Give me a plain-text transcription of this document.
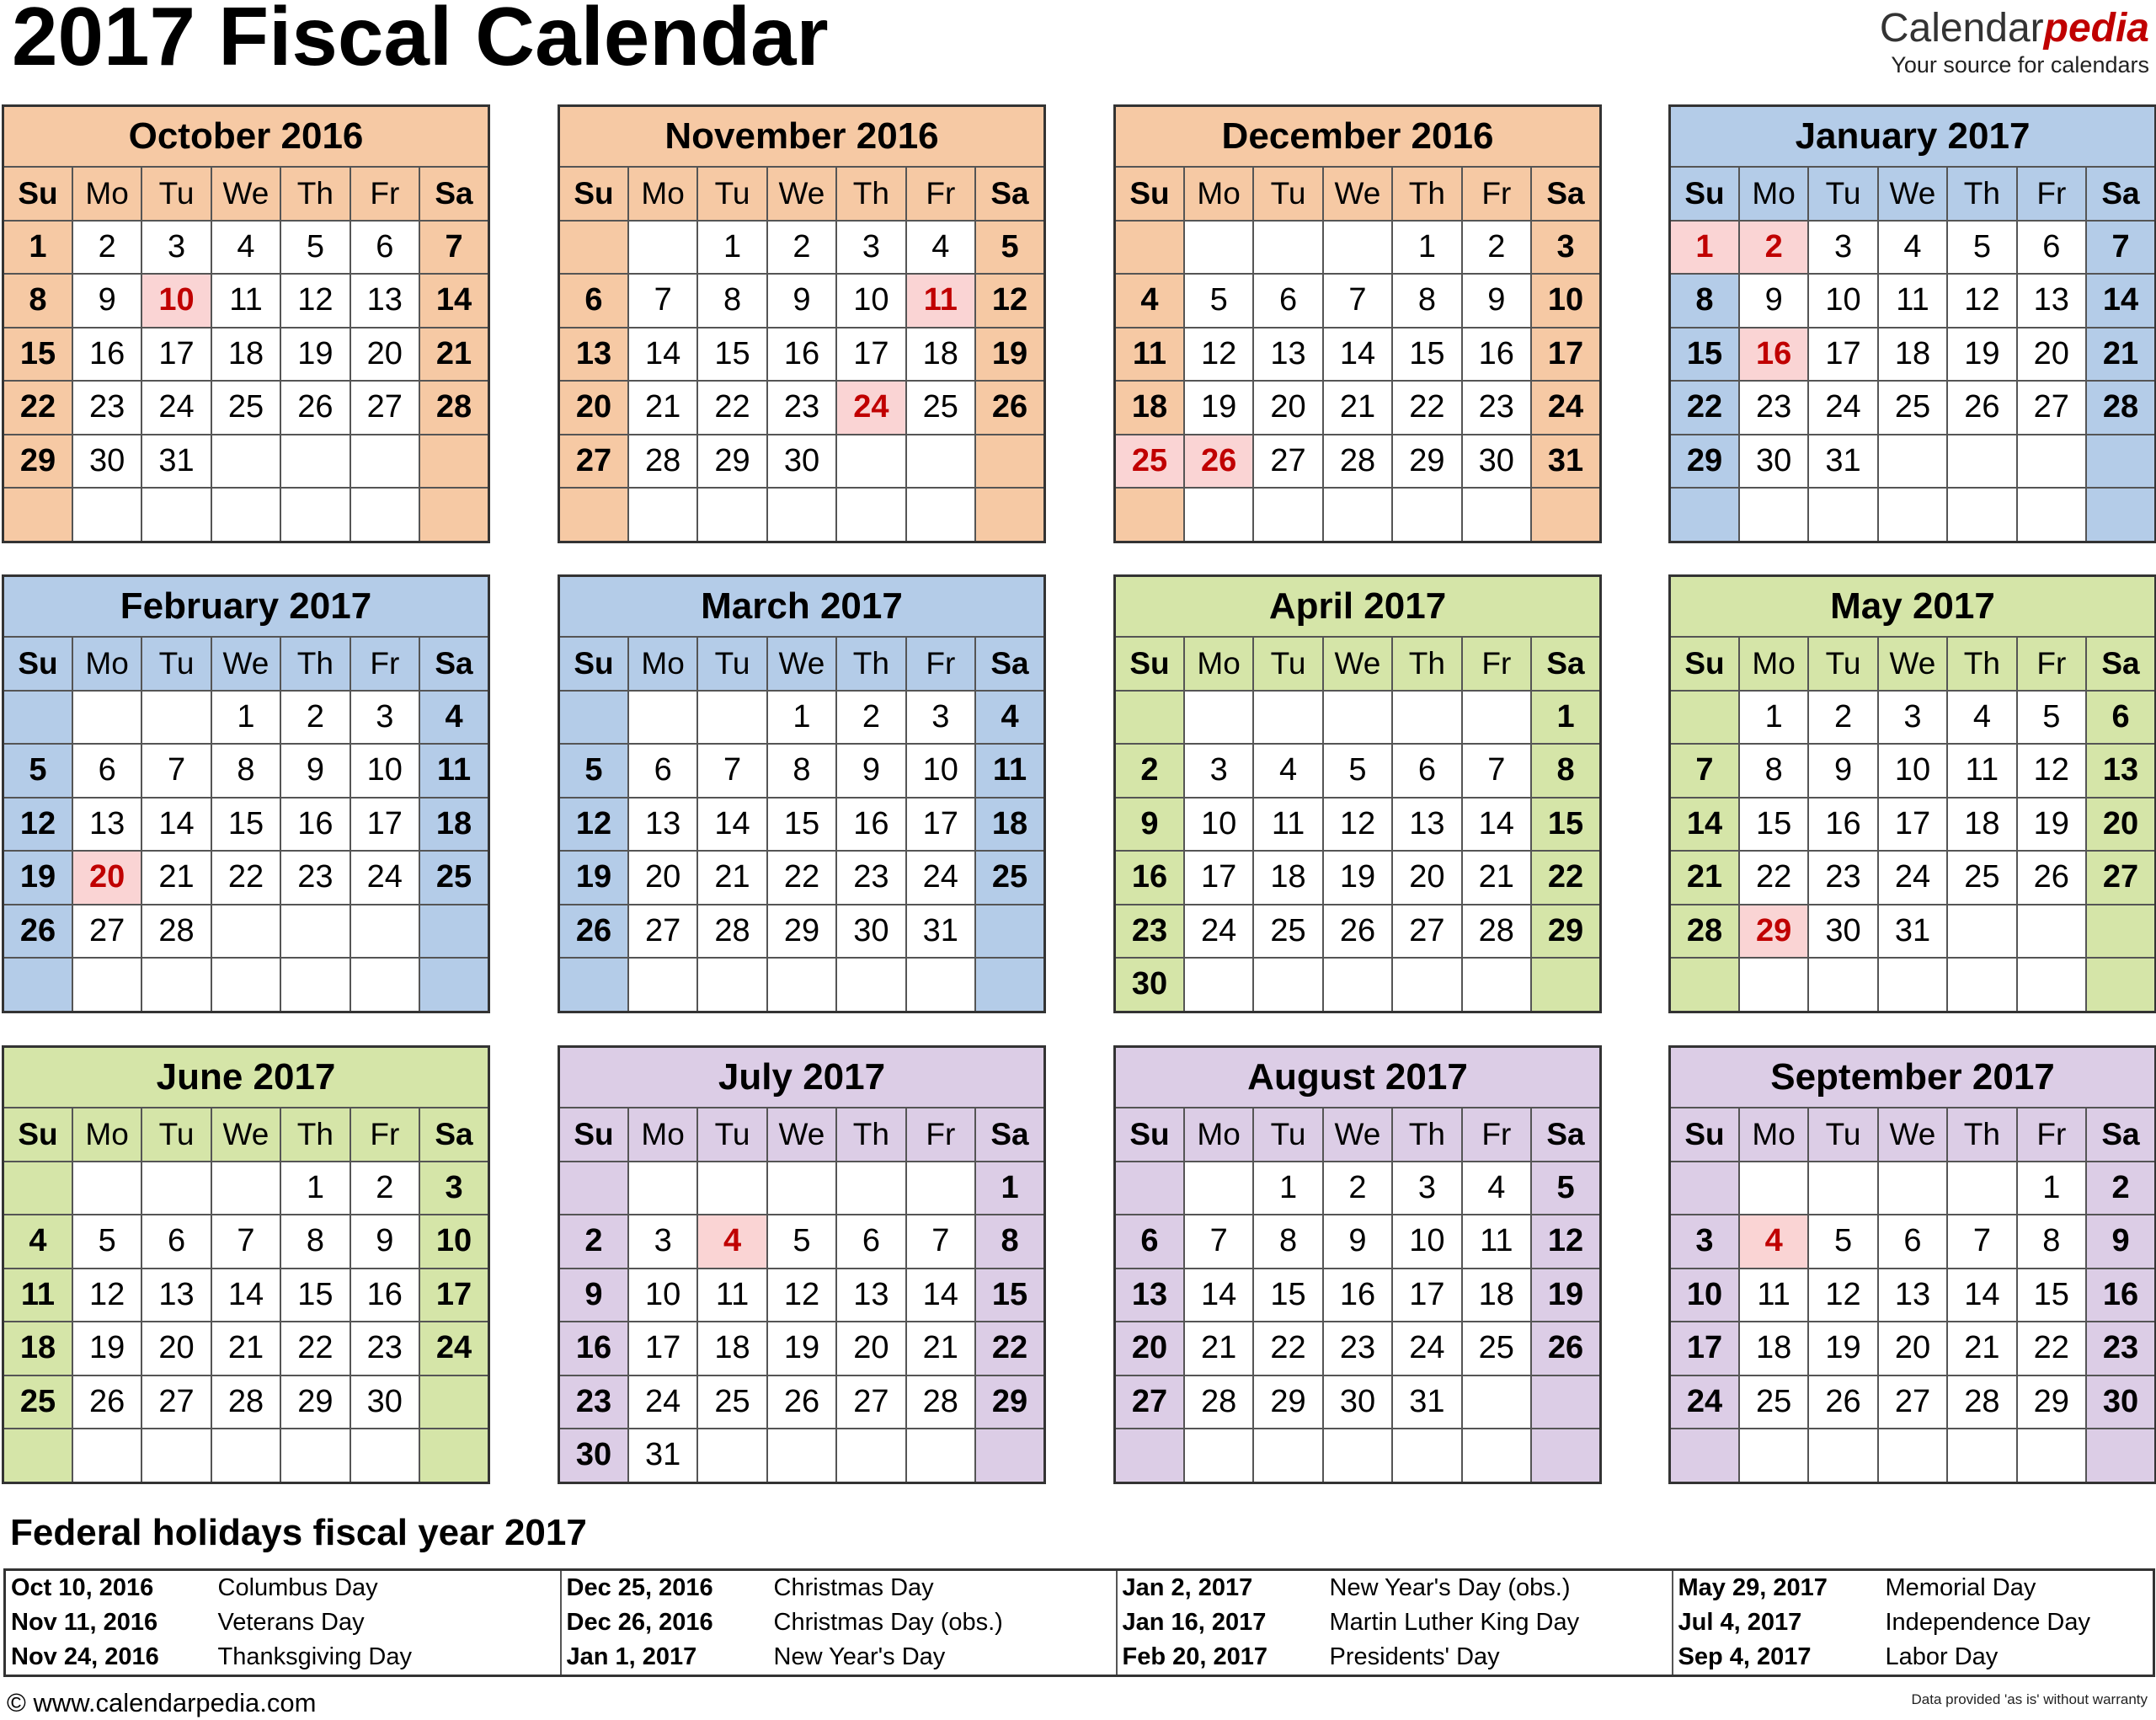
2017 Fiscal Calendar	Calendarpedia
Your source for calendars
October 2016						
Su	Mo	Tu	We	Th	Fr	Sa
1	2	3	4	5	6	7
8	9	10	11	12	13	14
15	16	17	18	19	20	21
22	23	24	25	26	27	28
29	30	31				

November 2016						
Su	Mo	Tu	We	Th	Fr	Sa
		1	2	3	4	5
6	7	8	9	10	11	12
13	14	15	16	17	18	19
20	21	22	23	24	25	26
27	28	29	30			

December 2016						
Su	Mo	Tu	We	Th	Fr	Sa
				1	2	3
4	5	6	7	8	9	10
11	12	13	14	15	16	17
18	19	20	21	22	23	24
25	26	27	28	29	30	31

January 2017						
Su	Mo	Tu	We	Th	Fr	Sa
1	2	3	4	5	6	7
8	9	10	11	12	13	14
15	16	17	18	19	20	21
22	23	24	25	26	27	28
29	30	31				

February 2017						
Su	Mo	Tu	We	Th	Fr	Sa
			1	2	3	4
5	6	7	8	9	10	11
12	13	14	15	16	17	18
19	20	21	22	23	24	25
26	27	28				

March 2017						
Su	Mo	Tu	We	Th	Fr	Sa
			1	2	3	4
5	6	7	8	9	10	11
12	13	14	15	16	17	18
19	20	21	22	23	24	25
26	27	28	29	30	31	

April 2017						
Su	Mo	Tu	We	Th	Fr	Sa
						1
2	3	4	5	6	7	8
9	10	11	12	13	14	15
16	17	18	19	20	21	22
23	24	25	26	27	28	29
30						
May 2017						
Su	Mo	Tu	We	Th	Fr	Sa
	1	2	3	4	5	6
7	8	9	10	11	12	13
14	15	16	17	18	19	20
21	22	23	24	25	26	27
28	29	30	31			

June 2017						
Su	Mo	Tu	We	Th	Fr	Sa
				1	2	3
4	5	6	7	8	9	10
11	12	13	14	15	16	17
18	19	20	21	22	23	24
25	26	27	28	29	30	

July 2017						
Su	Mo	Tu	We	Th	Fr	Sa
						1
2	3	4	5	6	7	8
9	10	11	12	13	14	15
16	17	18	19	20	21	22
23	24	25	26	27	28	29
30	31					
August 2017						
Su	Mo	Tu	We	Th	Fr	Sa
		1	2	3	4	5
6	7	8	9	10	11	12
13	14	15	16	17	18	19
20	21	22	23	24	25	26
27	28	29	30	31		

September 2017						
Su	Mo	Tu	We	Th	Fr	Sa
					1	2
3	4	5	6	7	8	9
10	11	12	13	14	15	16
17	18	19	20	21	22	23
24	25	26	27	28	29	30

Federal holidays fiscal year 2017
Oct 10, 2016	Columbus Day	Dec 25, 2016	Christmas Day	Jan 2, 2017	New Year's Day (obs.)	May 29, 2017	Memorial Day
Nov 11, 2016	Veterans Day	Dec 26, 2016	Christmas Day (obs.)	Jan 16, 2017	Martin Luther King Day	Jul 4, 2017	Independence Day
Nov 24, 2016	Thanksgiving Day	Jan 1, 2017	New Year's Day	Feb 20, 2017	Presidents' Day	Sep 4, 2017	Labor Day
© www.calendarpedia.com	Data provided 'as is' without warranty
